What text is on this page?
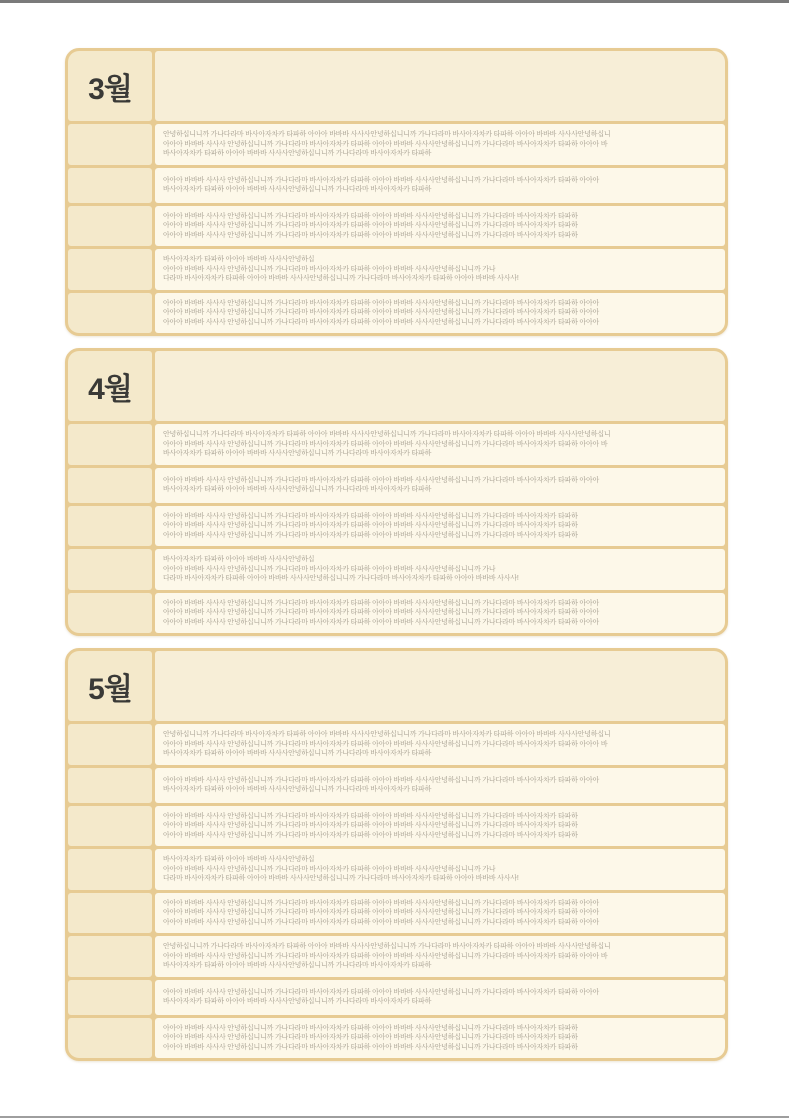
3월
안녕하십니니까 가나다라마 바사아자차카 타파하 아아아 바바바 사사사안녕하십니니까 가나다라마 바사아자차카 타파하 아아아 바바바 사사사안녕하십니
아아아 바바바 사사사 안녕하십니니까 가나다라마 바사아자차카 타파하 아아아 바바바 사사사안녕하십니니까 가나다라마 바사아자차카 타파하 아아아 바
바사아자차카 타파하 아아아 바바바 사사사안녕하십니니까 가나다라마 바사아자차카 타파하
아아아 바바바 사사사 안녕하십니니까 가나다라마 바사아자차카 타파하 아아아 바바바 사사사안녕하십니니까 가나다라마 바사아자차카 타파하 아아아
바사아자차카 타파하 아아아 바바바 사사사안녕하십니니까 가나다라마 바사아자차카 타파하
아아아 바바바 사사사 안녕하십니니까 가나다라마 바사아자차카 타파하 아아아 바바바 사사사안녕하십니니까 가나다라마 바사아자차카 타파하
아아아 바바바 사사사 안녕하십니니까 가나다라마 바사아자차카 타파하 아아아 바바바 사사사안녕하십니니까 가나다라마 바사아자차카 타파하
아아아 바바바 사사사 안녕하십니니까 가나다라마 바사아자차카 타파하 아아아 바바바 사사사안녕하십니니까 가나다라마 바사아자차카 타파하
바사아자차카 타파하 아아아 바바바 사사사안녕하십
아아아 바바바 사사사 안녕하십니니까 가나다라마 바사아자차카 타파하 아아아 바바바 사사사안녕하십니니까 가나
다라마 바사아자차카 타파하 아아아 바바바 사사사안녕하십니니까 가나다라마 바사아자차카 타파하 아아아 바바바 사사사!
아아아 바바바 사사사 안녕하십니니까 가나다라마 바사아자차카 타파하 아아아 바바바 사사사안녕하십니니까 가나다라마 바사아자차카 타파하 아아아
아아아 바바바 사사사 안녕하십니니까 가나다라마 바사아자차카 타파하 아아아 바바바 사사사안녕하십니니까 가나다라마 바사아자차카 타파하 아아아
아아아 바바바 사사사 안녕하십니니까 가나다라마 바사아자차카 타파하 아아아 바바바 사사사안녕하십니니까 가나다라마 바사아자차카 타파하 아아아
4월
안녕하십니니까 가나다라마 바사아자차카 타파하 아아아 바바바 사사사안녕하십니니까 가나다라마 바사아자차카 타파하 아아아 바바바 사사사안녕하십니
아아아 바바바 사사사 안녕하십니니까 가나다라마 바사아자차카 타파하 아아아 바바바 사사사안녕하십니니까 가나다라마 바사아자차카 타파하 아아아 바
바사아자차카 타파하 아아아 바바바 사사사안녕하십니니까 가나다라마 바사아자차카 타파하
아아아 바바바 사사사 안녕하십니니까 가나다라마 바사아자차카 타파하 아아아 바바바 사사사안녕하십니니까 가나다라마 바사아자차카 타파하 아아아
바사아자차카 타파하 아아아 바바바 사사사안녕하십니니까 가나다라마 바사아자차카 타파하
아아아 바바바 사사사 안녕하십니니까 가나다라마 바사아자차카 타파하 아아아 바바바 사사사안녕하십니니까 가나다라마 바사아자차카 타파하
아아아 바바바 사사사 안녕하십니니까 가나다라마 바사아자차카 타파하 아아아 바바바 사사사안녕하십니니까 가나다라마 바사아자차카 타파하
아아아 바바바 사사사 안녕하십니니까 가나다라마 바사아자차카 타파하 아아아 바바바 사사사안녕하십니니까 가나다라마 바사아자차카 타파하
바사아자차카 타파하 아아아 바바바 사사사안녕하십
아아아 바바바 사사사 안녕하십니니까 가나다라마 바사아자차카 타파하 아아아 바바바 사사사안녕하십니니까 가나
다라마 바사아자차카 타파하 아아아 바바바 사사사안녕하십니니까 가나다라마 바사아자차카 타파하 아아아 바바바 사사사!
아아아 바바바 사사사 안녕하십니니까 가나다라마 바사아자차카 타파하 아아아 바바바 사사사안녕하십니니까 가나다라마 바사아자차카 타파하 아아아
아아아 바바바 사사사 안녕하십니니까 가나다라마 바사아자차카 타파하 아아아 바바바 사사사안녕하십니니까 가나다라마 바사아자차카 타파하 아아아
아아아 바바바 사사사 안녕하십니니까 가나다라마 바사아자차카 타파하 아아아 바바바 사사사안녕하십니니까 가나다라마 바사아자차카 타파하 아아아
5월
안녕하십니니까 가나다라마 바사아자차카 타파하 아아아 바바바 사사사안녕하십니니까 가나다라마 바사아자차카 타파하 아아아 바바바 사사사안녕하십니
아아아 바바바 사사사 안녕하십니니까 가나다라마 바사아자차카 타파하 아아아 바바바 사사사안녕하십니니까 가나다라마 바사아자차카 타파하 아아아 바
바사아자차카 타파하 아아아 바바바 사사사안녕하십니니까 가나다라마 바사아자차카 타파하
아아아 바바바 사사사 안녕하십니니까 가나다라마 바사아자차카 타파하 아아아 바바바 사사사안녕하십니니까 가나다라마 바사아자차카 타파하 아아아
바사아자차카 타파하 아아아 바바바 사사사안녕하십니니까 가나다라마 바사아자차카 타파하
아아아 바바바 사사사 안녕하십니니까 가나다라마 바사아자차카 타파하 아아아 바바바 사사사안녕하십니니까 가나다라마 바사아자차카 타파하
아아아 바바바 사사사 안녕하십니니까 가나다라마 바사아자차카 타파하 아아아 바바바 사사사안녕하십니니까 가나다라마 바사아자차카 타파하
아아아 바바바 사사사 안녕하십니니까 가나다라마 바사아자차카 타파하 아아아 바바바 사사사안녕하십니니까 가나다라마 바사아자차카 타파하
바사아자차카 타파하 아아아 바바바 사사사안녕하십
아아아 바바바 사사사 안녕하십니니까 가나다라마 바사아자차카 타파하 아아아 바바바 사사사안녕하십니니까 가나
다라마 바사아자차카 타파하 아아아 바바바 사사사안녕하십니니까 가나다라마 바사아자차카 타파하 아아아 바바바 사사사!
아아아 바바바 사사사 안녕하십니니까 가나다라마 바사아자차카 타파하 아아아 바바바 사사사안녕하십니니까 가나다라마 바사아자차카 타파하 아아아
아아아 바바바 사사사 안녕하십니니까 가나다라마 바사아자차카 타파하 아아아 바바바 사사사안녕하십니니까 가나다라마 바사아자차카 타파하 아아아
아아아 바바바 사사사 안녕하십니니까 가나다라마 바사아자차카 타파하 아아아 바바바 사사사안녕하십니니까 가나다라마 바사아자차카 타파하 아아아
안녕하십니니까 가나다라마 바사아자차카 타파하 아아아 바바바 사사사안녕하십니니까 가나다라마 바사아자차카 타파하 아아아 바바바 사사사안녕하십니
아아아 바바바 사사사 안녕하십니니까 가나다라마 바사아자차카 타파하 아아아 바바바 사사사안녕하십니니까 가나다라마 바사아자차카 타파하 아아아 바
바사아자차카 타파하 아아아 바바바 사사사안녕하십니니까 가나다라마 바사아자차카 타파하
아아아 바바바 사사사 안녕하십니니까 가나다라마 바사아자차카 타파하 아아아 바바바 사사사안녕하십니니까 가나다라마 바사아자차카 타파하 아아아
바사아자차카 타파하 아아아 바바바 사사사안녕하십니니까 가나다라마 바사아자차카 타파하
아아아 바바바 사사사 안녕하십니니까 가나다라마 바사아자차카 타파하 아아아 바바바 사사사안녕하십니니까 가나다라마 바사아자차카 타파하
아아아 바바바 사사사 안녕하십니니까 가나다라마 바사아자차카 타파하 아아아 바바바 사사사안녕하십니니까 가나다라마 바사아자차카 타파하
아아아 바바바 사사사 안녕하십니니까 가나다라마 바사아자차카 타파하 아아아 바바바 사사사안녕하십니니까 가나다라마 바사아자차카 타파하
